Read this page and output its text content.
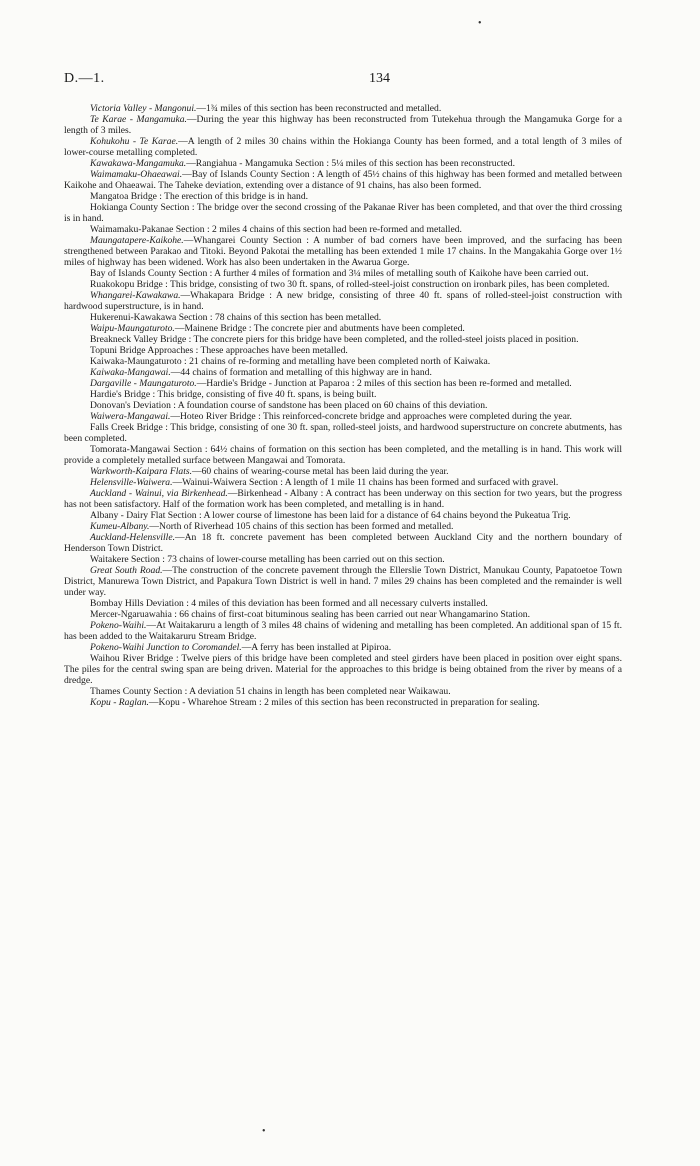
•
D.—1.	134

Victoria Valley - Mangonui.—1¾ miles of this section has been reconstructed and metalled.

Te Karae - Mangamuka.—During the year this highway has been reconstructed from Tutekehua through the Mangamuka Gorge for a length of 3 miles.

Kohukohu - Te Karae.—A length of 2 miles 30 chains within the Hokianga County has been formed, and a total length of 3 miles of lower-course metalling completed.

Kawakawa-Mangamuka.—Rangiahua - Mangamuka Section : 5¼ miles of this section has been reconstructed.

Waimamaku-Ohaeawai.—Bay of Islands County Section : A length of 45½ chains of this highway has been formed and metalled between Kaikohe and Ohaeawai. The Taheke deviation, extending over a distance of 91 chains, has also been formed.

Mangatoa Bridge : The erection of this bridge is in hand.

Hokianga County Section : The bridge over the second crossing of the Pakanae River has been completed, and that over the third crossing is in hand.

Waimamaku-Pakanae Section : 2 miles 4 chains of this section had been re-formed and metalled.

Maungatapere-Kaikohe.—Whangarei County Section : A number of bad corners have been improved, and the surfacing has been strengthened between Parakao and Titoki. Beyond Pakotai the metalling has been extended 1 mile 17 chains. In the Mangakahia Gorge over 1½ miles of highway has been widened. Work has also been undertaken in the Awarua Gorge.

Bay of Islands County Section : A further 4 miles of formation and 3¼ miles of metalling south of Kaikohe have been carried out.

Ruakokopu Bridge : This bridge, consisting of two 30 ft. spans, of rolled-steel-joist construction on ironbark piles, has been completed.

Whangarei-Kawakawa.—Whakapara Bridge : A new bridge, consisting of three 40 ft. spans of rolled-steel-joist construction with hardwood superstructure, is in hand.

Hukerenui-Kawakawa Section : 78 chains of this section has been metalled.

Waipu-Maungaturoto.—Mainene Bridge : The concrete pier and abutments have been completed.

Breakneck Valley Bridge : The concrete piers for this bridge have been completed, and the rolled-steel joists placed in position.

Topuni Bridge Approaches : These approaches have been metalled.

Kaiwaka-Maungaturoto : 21 chains of re-forming and metalling have been completed north of Kaiwaka.

Kaiwaka-Mangawai.—44 chains of formation and metalling of this highway are in hand.

Dargaville - Maungaturoto.—Hardie's Bridge - Junction at Paparoa : 2 miles of this section has been re-formed and metalled.

Hardie's Bridge : This bridge, consisting of five 40 ft. spans, is being built.

Donovan's Deviation : A foundation course of sandstone has been placed on 60 chains of this deviation.

Waiwera-Mangawai.—Hoteo River Bridge : This reinforced-concrete bridge and approaches were completed during the year.

Falls Creek Bridge : This bridge, consisting of one 30 ft. span, rolled-steel joists, and hardwood superstructure on concrete abutments, has been completed.

Tomorata-Mangawai Section : 64½ chains of formation on this section has been completed, and the metalling is in hand. This work will provide a completely metalled surface between Mangawai and Tomorata.

Warkworth-Kaipara Flats.—60 chains of wearing-course metal has been laid during the year.

Helensville-Waiwera.—Wainui-Waiwera Section : A length of 1 mile 11 chains has been formed and surfaced with gravel.

Auckland - Wainui, via Birkenhead.—Birkenhead - Albany : A contract has been underway on this section for two years, but the progress has not been satisfactory. Half of the formation work has been completed, and metalling is in hand.

Albany - Dairy Flat Section : A lower course of limestone has been laid for a distance of 64 chains beyond the Pukeatua Trig.

Kumeu-Albany.—North of Riverhead 105 chains of this section has been formed and metalled.

Auckland-Helensville.—An 18 ft. concrete pavement has been completed between Auckland City and the northern boundary of Henderson Town District.

Waitakere Section : 73 chains of lower-course metalling has been carried out on this section.

Great South Road.—The construction of the concrete pavement through the Ellerslie Town District, Manukau County, Papatoetoe Town District, Manurewa Town District, and Papakura Town District is well in hand. 7 miles 29 chains has been completed and the remainder is well under way.

Bombay Hills Deviation : 4 miles of this deviation has been formed and all necessary culverts installed.

Mercer-Ngaruawahia : 66 chains of first-coat bituminous sealing has been carried out near Whangamarino Station.

Pokeno-Waihi.—At Waitakaruru a length of 3 miles 48 chains of widening and metalling has been completed. An additional span of 15 ft. has been added to the Waitakaruru Stream Bridge.

Pokeno-Waihi Junction to Coromandel.—A ferry has been installed at Pipiroa.

Waihou River Bridge : Twelve piers of this bridge have been completed and steel girders have been placed in position over eight spans. The piles for the central swing span are being driven. Material for the approaches to this bridge is being obtained from the river by means of a dredge.

Thames County Section : A deviation 51 chains in length has been completed near Waikawau.

Kopu - Raglan.—Kopu - Wharehoe Stream : 2 miles of this section has been reconstructed in preparation for sealing.

•
